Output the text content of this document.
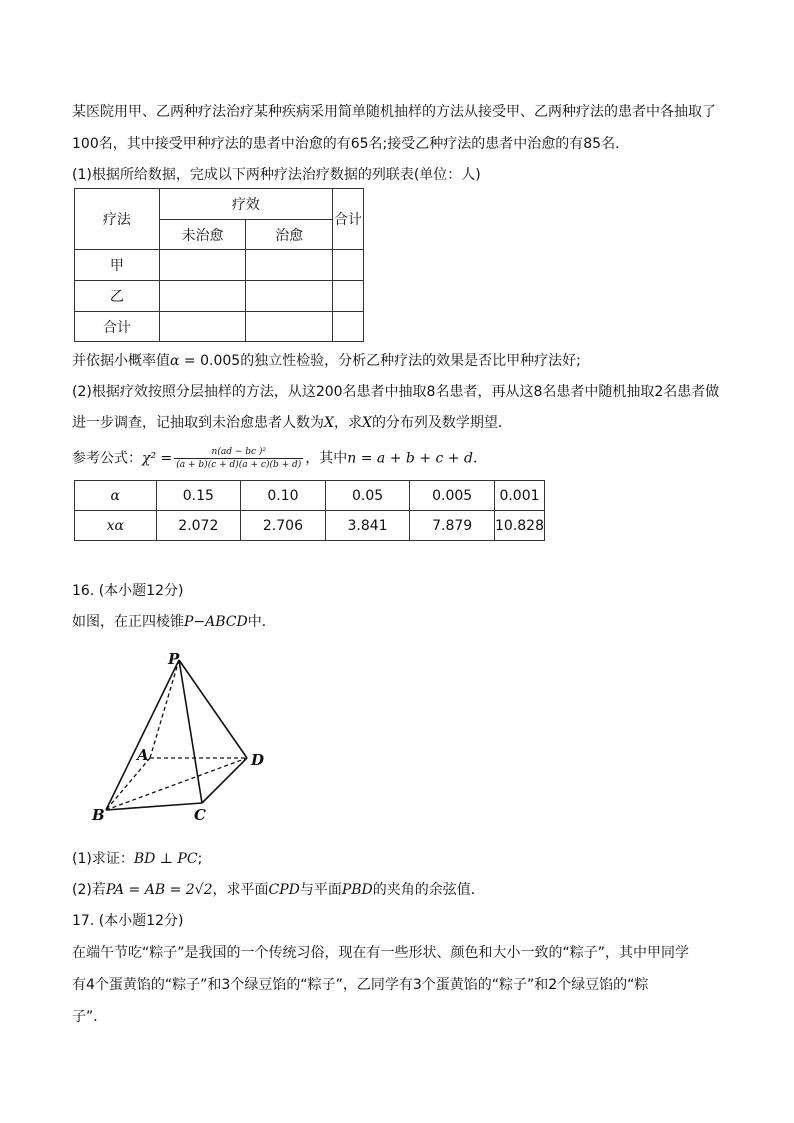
某医院用甲、乙两种疗法治疗某种疾病采用简单随机抽样的方法从接受甲、乙两种疗法的患者中各抽取了
100名，其中接受甲种疗法的患者中治愈的有65名;接受乙种疗法的患者中治愈的有85名．
(1)根据所给数据，完成以下两种疗法治疗数据的列联表(单位：人)
疗法	疗效		合计
	未治愈	治愈	
甲			
乙			
合计			
并依据小概率值α = 0.005的独立性检验，分析乙种疗法的效果是否比甲种疗法好;
(2)根据疗效按照分层抽样的方法，从这200名患者中抽取8名患者，再从这8名患者中随机抽取2名患者做
进一步调查，记抽取到未治愈患者人数为X，求X的分布列及数学期望．
参考公式：$\chi^2 = \frac{\text{n(ad − bc )²}}{(a + b)(c + d)(a + c)(b + d)}$ ，其中n = a + b + c + d．
α	0.15	0.10	0.05	0.005	0.001
xα	2.072	2.706	3.841	7.879	10.828
16. (本小题12分)
如图，在正四棱锥P−ABCD中．
P
A
B	C
D
(1)求证：BD ⊥ PC;
(2)若PA = AB = 2√2，求平面CPD与平面PBD的夹角的余弦值．
17. (本小题12分)
在端午节吃“粽子”是我国的一个传统习俗，现在有一些形状、颜色和大小一致的“粽子”，其中甲同学
有4个蛋黄馅的“粽子”和3个绿豆馅的“粽子”，乙同学有3个蛋黄馅的“粽子”和2个绿豆馅的“粽
子”．
